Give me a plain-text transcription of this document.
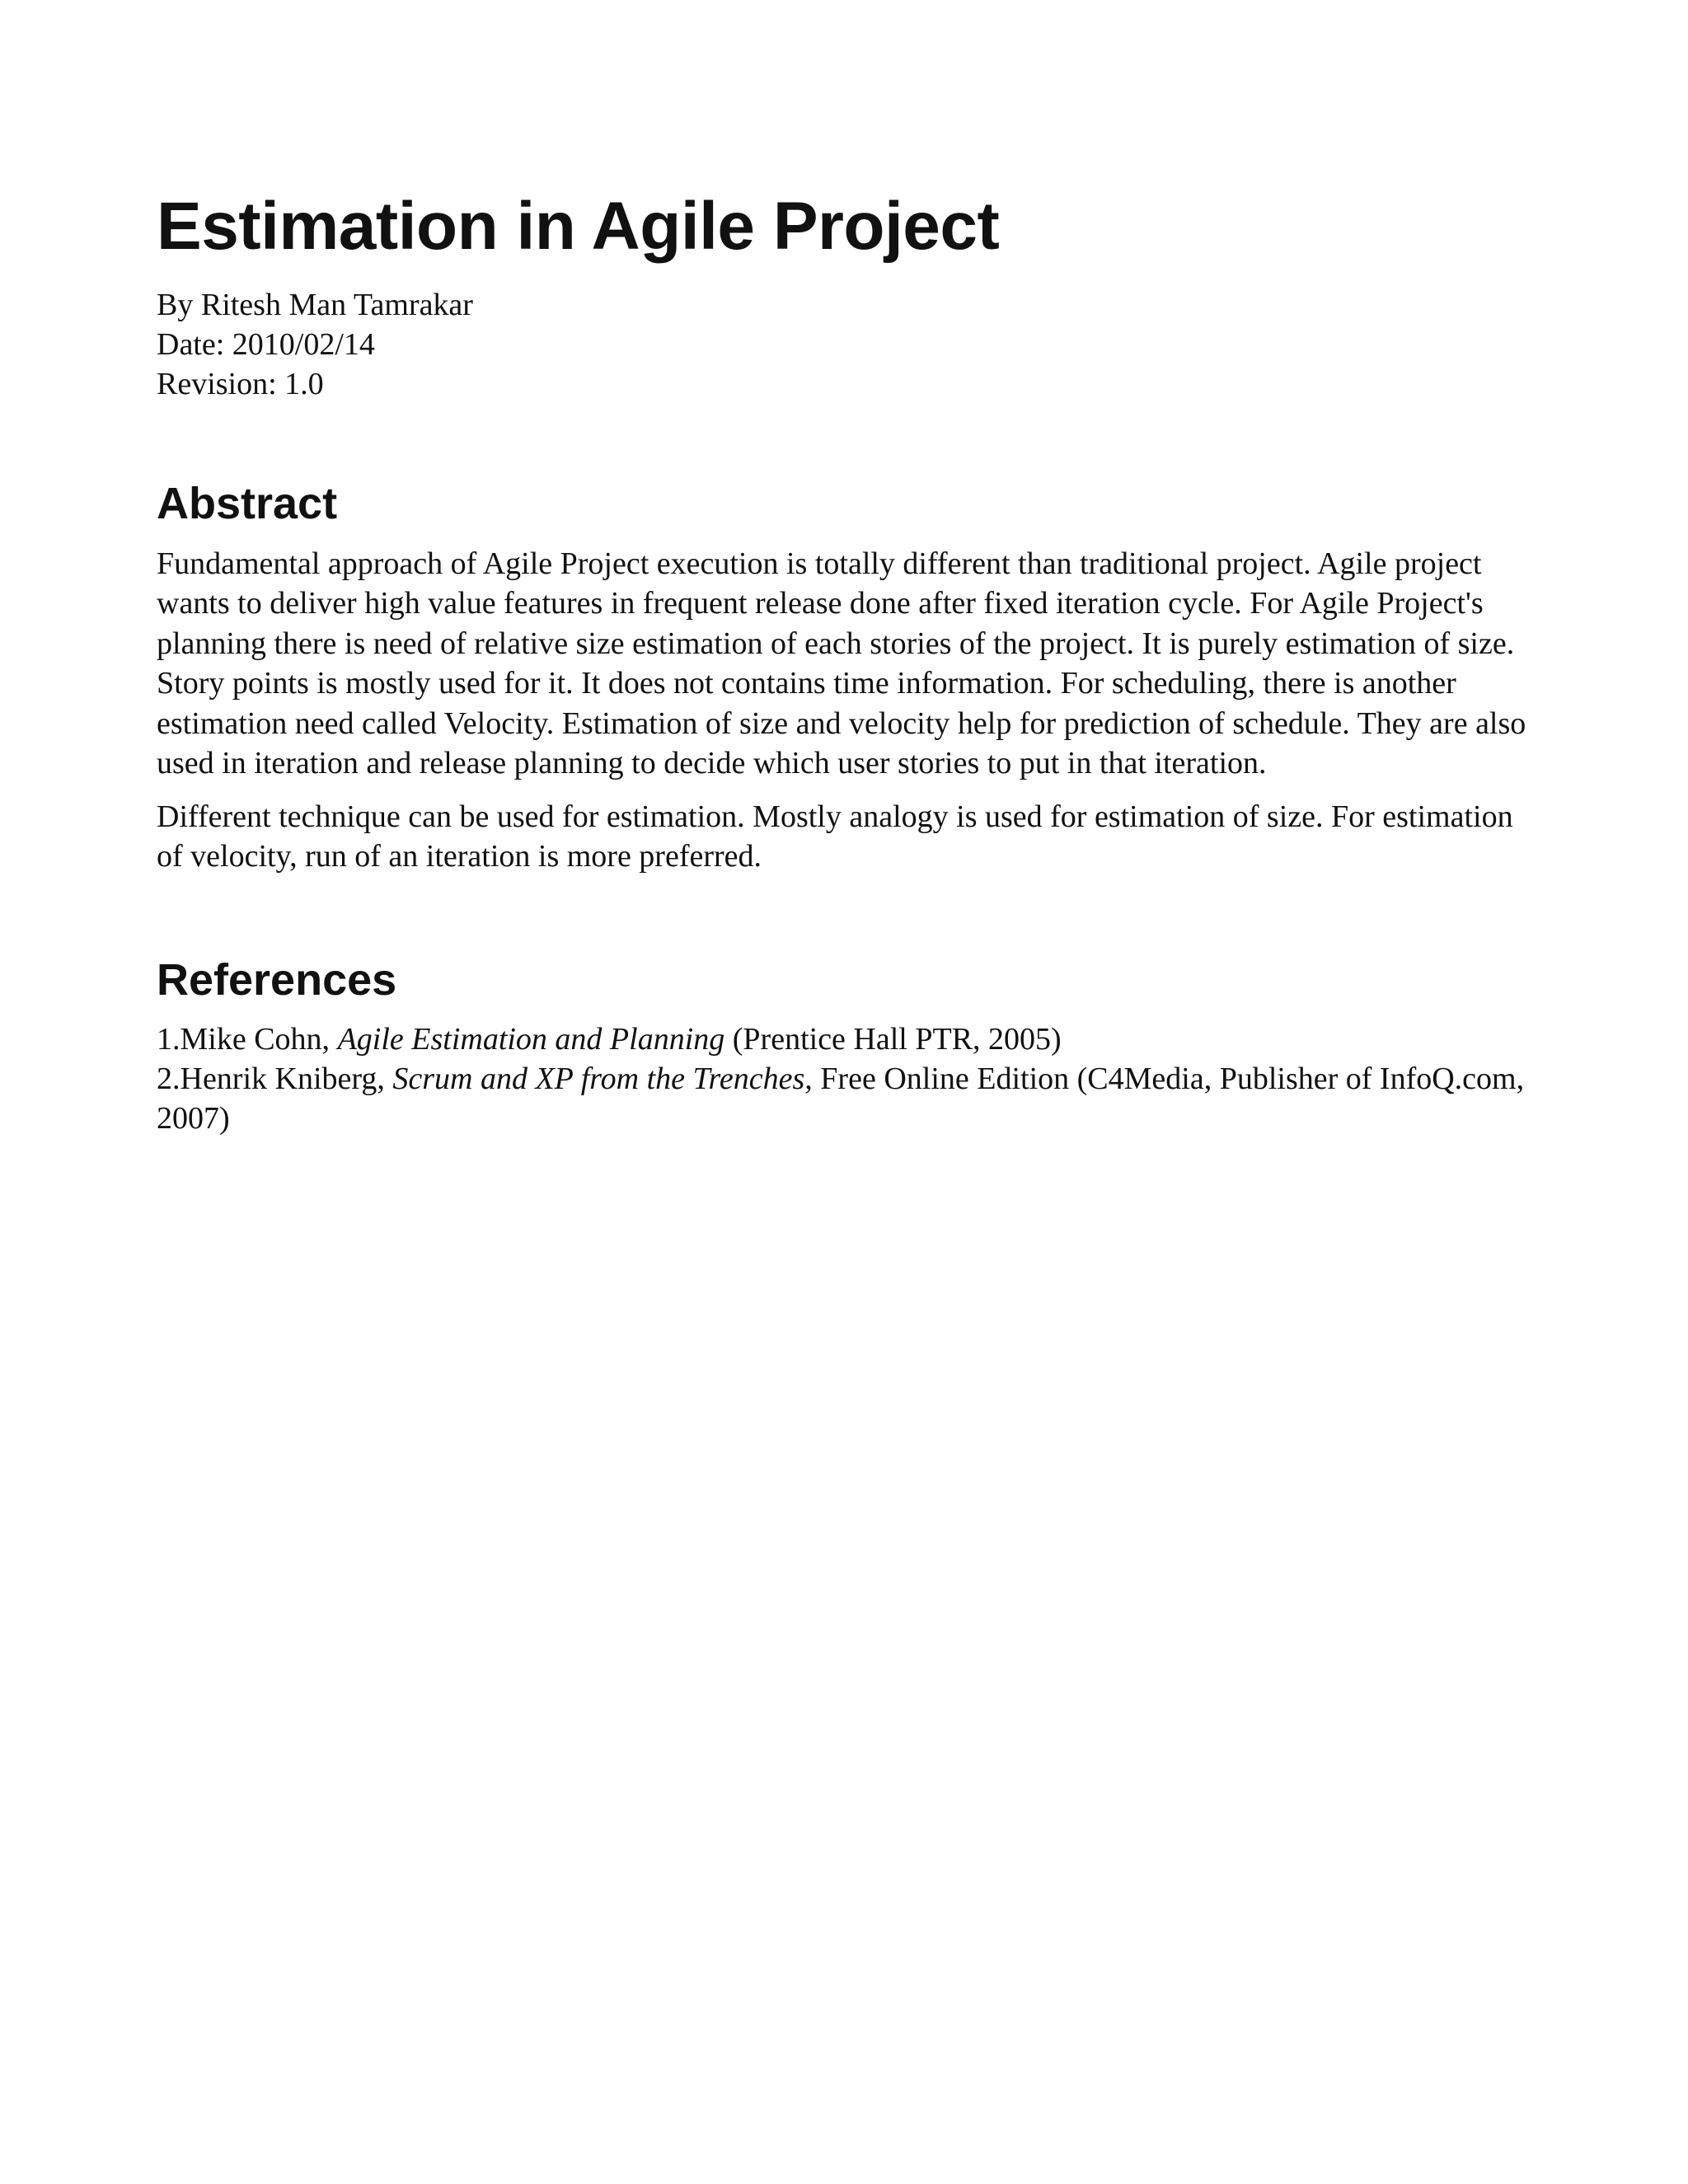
Estimation in Agile Project
By Ritesh Man Tamrakar
Date: 2010/02/14
Revision: 1.0
Abstract

Fundamental approach of Agile Project execution is totally different than traditional project. Agile project wants to deliver high value features in frequent release done after fixed iteration cycle. For Agile Project's planning there is need of relative size estimation of each stories of the project. It is purely estimation of size. Story points is mostly used for it. It does not contains time information. For scheduling, there is another estimation need called Velocity. Estimation of size and velocity help for prediction of schedule. They are also used in iteration and release planning to decide which user stories to put in that iteration.

Different technique can be used for estimation. Mostly analogy is used for estimation of size. For estimation of velocity, run of an iteration is more preferred.

References
1.Mike Cohn, Agile Estimation and Planning (Prentice Hall PTR, 2005)
2.Henrik Kniberg, Scrum and XP from the Trenches, Free Online Edition (C4Media, Publisher of InfoQ.com, 2007)
